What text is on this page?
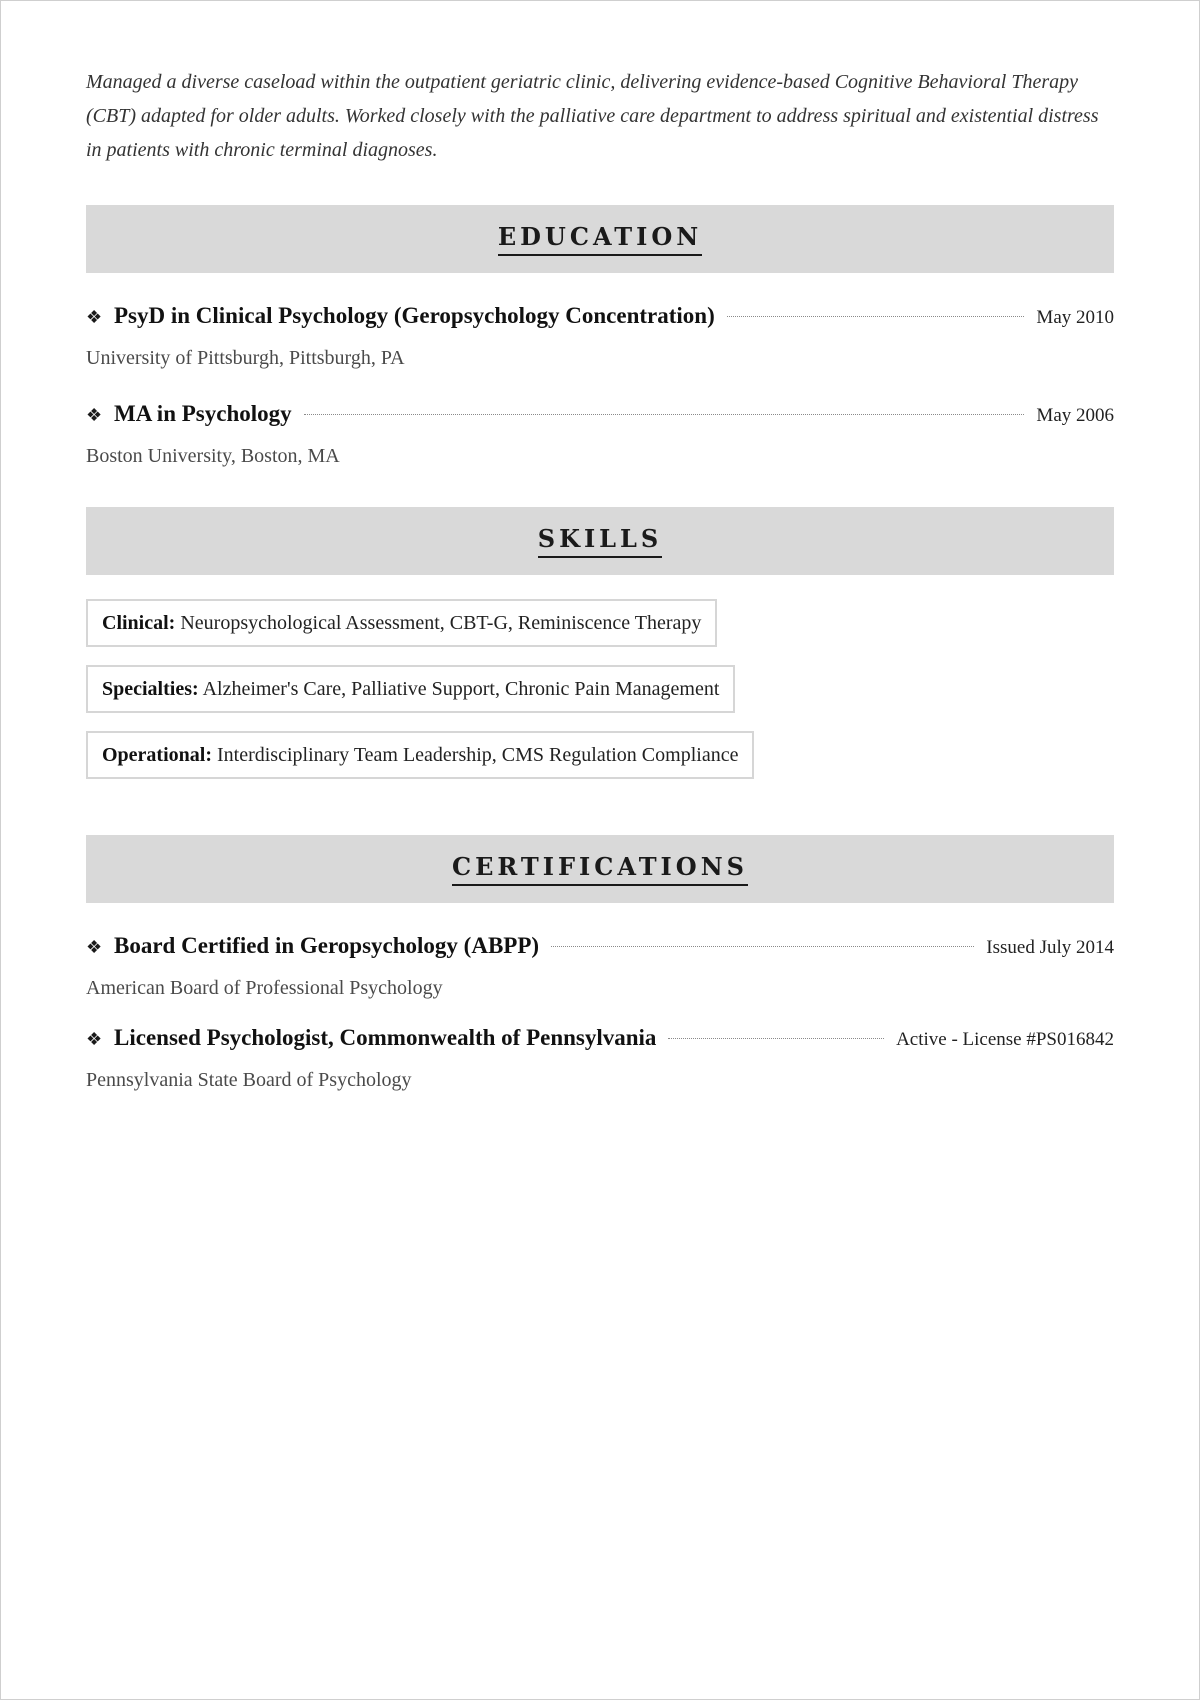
Managed a diverse caseload within the outpatient geriatric clinic, delivering evidence-based Cognitive Behavioral Therapy (CBT) adapted for older adults. Worked closely with the palliative care department to address spiritual and existential distress in patients with chronic terminal diagnoses.

EDUCATION
❖ PsyD in Clinical Psychology (Geropsychology Concentration)	May 2010
University of Pittsburgh, Pittsburgh, PA
❖ MA in Psychology	May 2006
Boston University, Boston, MA
SKILLS
Clinical: Neuropsychological Assessment, CBT-G, Reminiscence Therapy
Specialties: Alzheimer's Care, Palliative Support, Chronic Pain Management
Operational: Interdisciplinary Team Leadership, CMS Regulation Compliance
CERTIFICATIONS
❖ Board Certified in Geropsychology (ABPP)	Issued July 2014
American Board of Professional Psychology
❖ Licensed Psychologist, Commonwealth of Pennsylvania	Active - License #PS016842
Pennsylvania State Board of Psychology
